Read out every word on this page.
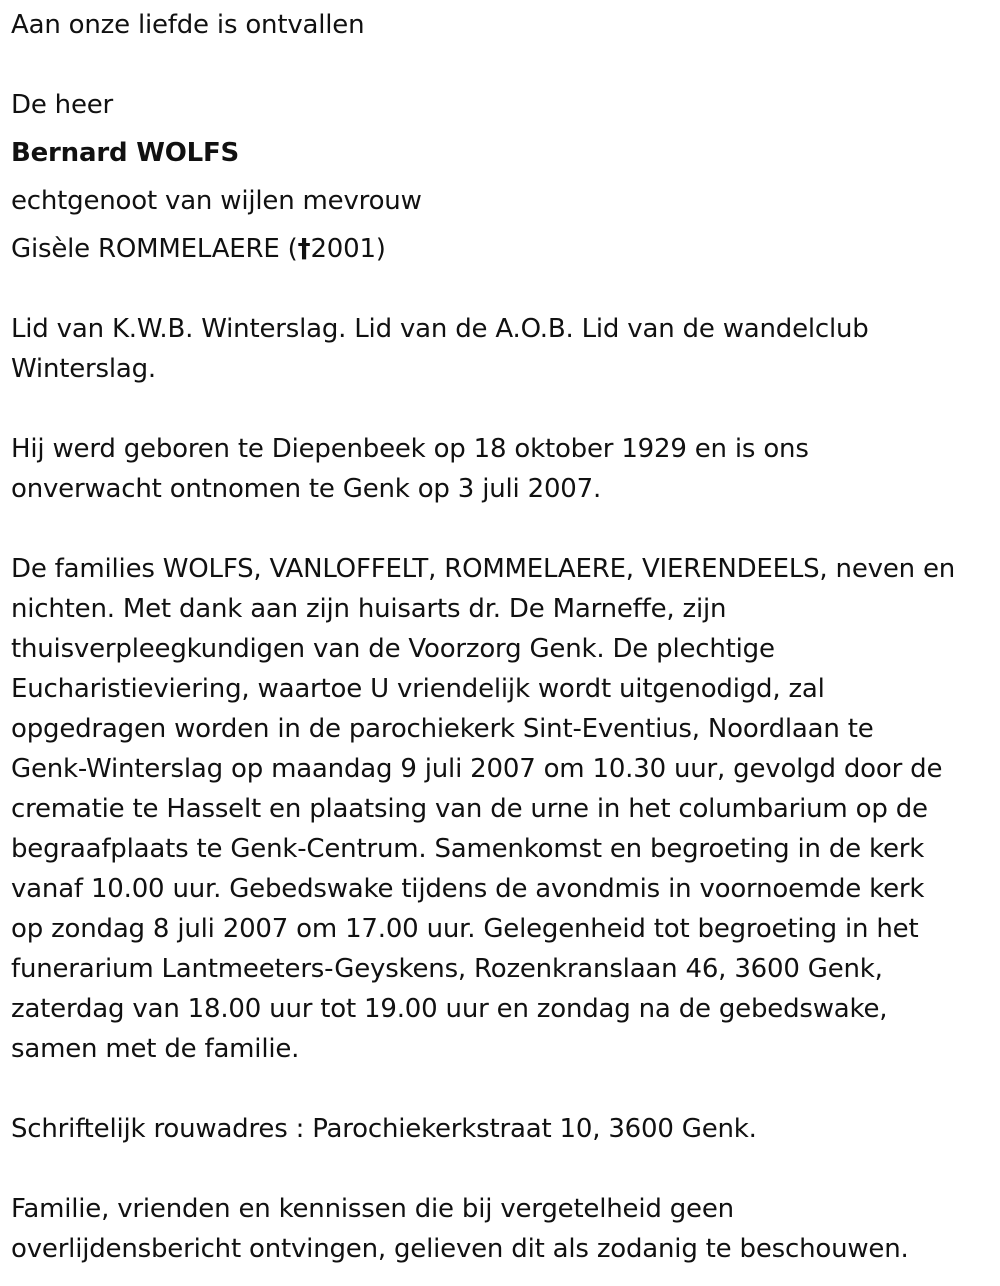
Aan onze liefde is ontvallen

De heer

Bernard WOLFS

echtgenoot van wijlen mevrouw

Gisèle ROMMELAERE (†2001)

Lid van K.W.B. Winterslag. Lid van de A.O.B. Lid van de wandelclub

Winterslag.

Hij werd geboren te Diepenbeek op 18 oktober 1929 en is ons

onverwacht ontnomen te Genk op 3 juli 2007.

De families WOLFS, VANLOFFELT, ROMMELAERE, VIERENDEELS, neven en

nichten. Met dank aan zijn huisarts dr. De Marneffe, zijn

thuisverpleegkundigen van de Voorzorg Genk. De plechtige

Eucharistieviering, waartoe U vriendelijk wordt uitgenodigd, zal

opgedragen worden in de parochiekerk Sint-Eventius, Noordlaan te

Genk-Winterslag op maandag 9 juli 2007 om 10.30 uur, gevolgd door de

crematie te Hasselt en plaatsing van de urne in het columbarium op de

begraafplaats te Genk-Centrum. Samenkomst en begroeting in de kerk

vanaf 10.00 uur. Gebedswake tijdens de avondmis in voornoemde kerk

op zondag 8 juli 2007 om 17.00 uur. Gelegenheid tot begroeting in het

funerarium Lantmeeters-Geyskens, Rozenkranslaan 46, 3600 Genk,

zaterdag van 18.00 uur tot 19.00 uur en zondag na de gebedswake,

samen met de familie.

Schriftelijk rouwadres : Parochiekerkstraat 10, 3600 Genk.

Familie, vrienden en kennissen die bij vergetelheid geen

overlijdensbericht ontvingen, gelieven dit als zodanig te beschouwen.
